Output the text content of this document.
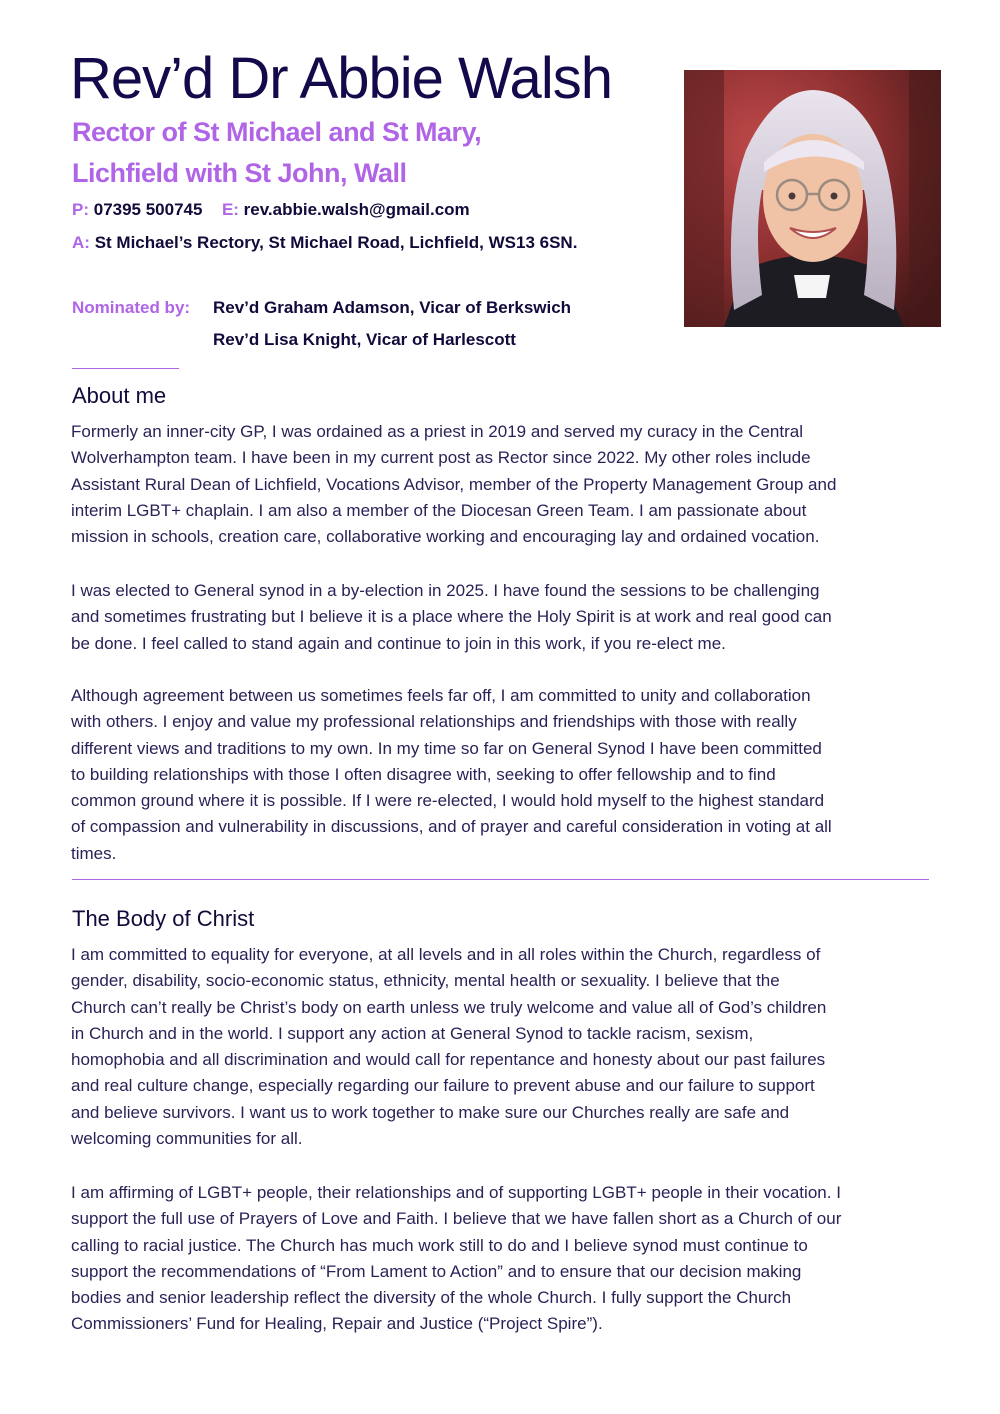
Rev’d Dr Abbie Walsh
Rector of St Michael and St Mary,
Lichfield with St John, Wall
P: 07395 500745 E: rev.abbie.walsh@gmail.com
A: St Michael’s Rectory, St Michael Road, Lichfield, WS13 6SN.
Nominated by: Rev’d Graham Adamson, Vicar of Berkswich
Rev’d Lisa Knight, Vicar of Harlescott
About me

Formerly an inner-city GP, I was ordained as a priest in 2019 and served my curacy in the Central
Wolverhampton team. I have been in my current post as Rector since 2022. My other roles include
Assistant Rural Dean of Lichfield, Vocations Advisor, member of the Property Management Group and
interim LGBT+ chaplain. I am also a member of the Diocesan Green Team. I am passionate about
mission in schools, creation care, collaborative working and encouraging lay and ordained vocation.

I was elected to General synod in a by-election in 2025. I have found the sessions to be challenging
and sometimes frustrating but I believe it is a place where the Holy Spirit is at work and real good can
be done. I feel called to stand again and continue to join in this work, if you re-elect me.

Although agreement between us sometimes feels far off, I am committed to unity and collaboration
with others. I enjoy and value my professional relationships and friendships with those with really
different views and traditions to my own. In my time so far on General Synod I have been committed
to building relationships with those I often disagree with, seeking to offer fellowship and to find
common ground where it is possible. If I were re-elected, I would hold myself to the highest standard
of compassion and vulnerability in discussions, and of prayer and careful consideration in voting at all
times.

The Body of Christ

I am committed to equality for everyone, at all levels and in all roles within the Church, regardless of
gender, disability, socio-economic status, ethnicity, mental health or sexuality. I believe that the
Church can’t really be Christ’s body on earth unless we truly welcome and value all of God’s children
in Church and in the world. I support any action at General Synod to tackle racism, sexism,
homophobia and all discrimination and would call for repentance and honesty about our past failures
and real culture change, especially regarding our failure to prevent abuse and our failure to support
and believe survivors. I want us to work together to make sure our Churches really are safe and
welcoming communities for all.

I am affirming of LGBT+ people, their relationships and of supporting LGBT+ people in their vocation. I
support the full use of Prayers of Love and Faith. I believe that we have fallen short as a Church of our
calling to racial justice. The Church has much work still to do and I believe synod must continue to
support the recommendations of “From Lament to Action” and to ensure that our decision making
bodies and senior leadership reflect the diversity of the whole Church. I fully support the Church
Commissioners’ Fund for Healing, Repair and Justice (“Project Spire”).
